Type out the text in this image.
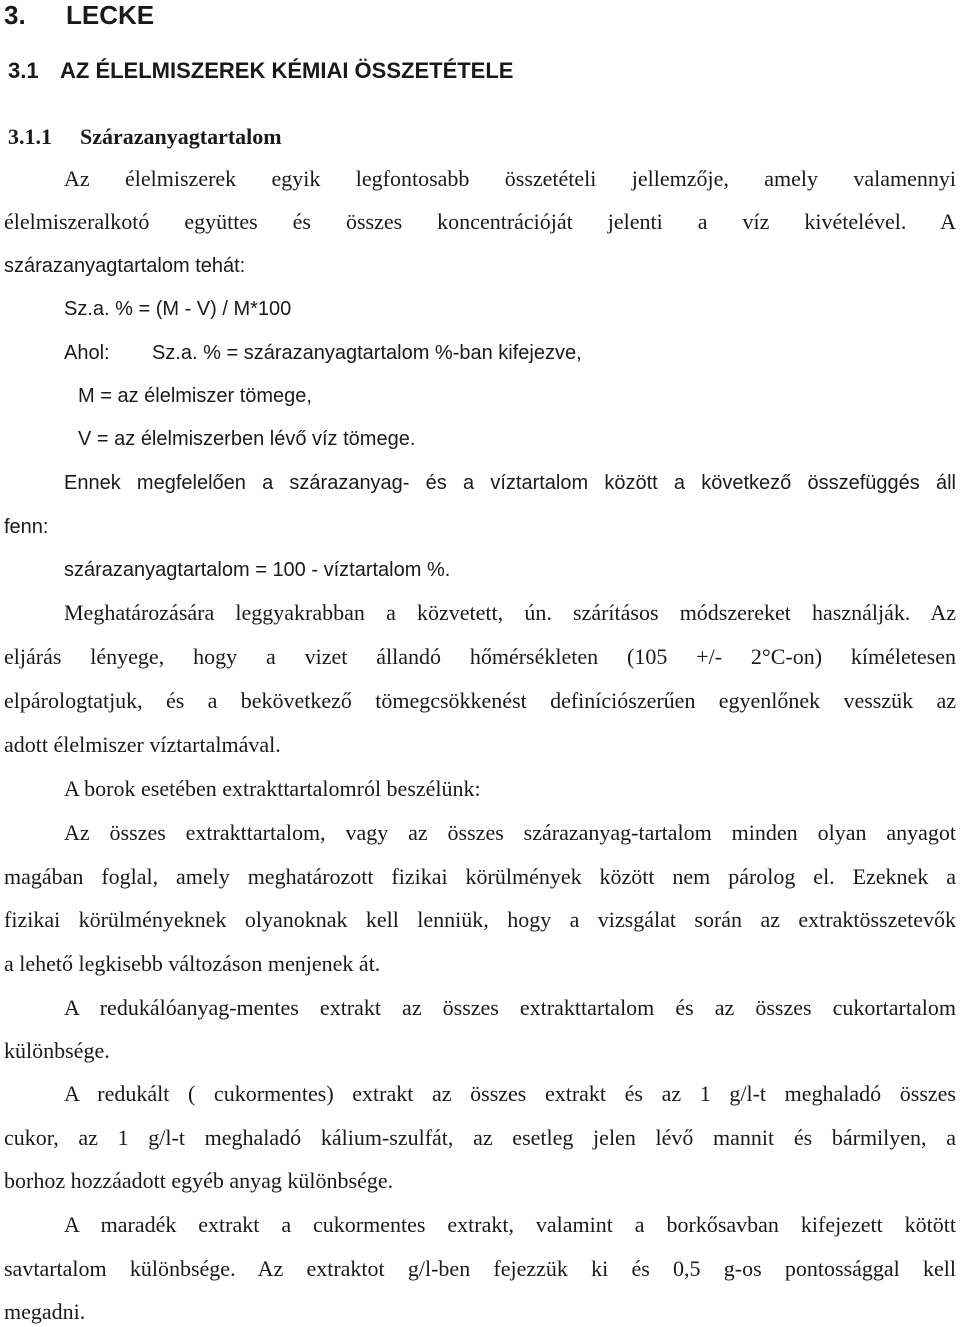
3. LECKE
3.1 AZ ÉLELMISZEREK KÉMIAI ÖSSZETÉTELE
3.1.1 Szárazanyagtartalom
Az élelmiszerek egyik legfontosabb összetételi jellemzője, amely valamennyi
élelmiszeralkotó együttes és összes koncentrációját jelenti a víz kivételével. A
szárazanyagtartalom tehát:
Sz.a. % = (M - V) / M*100
Ahol:	Sz.a. % = szárazanyagtartalom %-ban kifejezve,
M = az élelmiszer tömege,
V = az élelmiszerben lévő víz tömege.
Ennek megfelelően a szárazanyag- és a víztartalom között a következő összefüggés áll
fenn:
szárazanyagtartalom = 100 - víztartalom %.
Meghatározására leggyakrabban a közvetett, ún. szárításos módszereket használják. Az
eljárás lényege, hogy a vizet állandó hőmérsékleten (105 +/- 2°C-on) kíméletesen
elpárologtatjuk, és a bekövetkező tömegcsökkenést definíciószerűen egyenlőnek vesszük az
adott élelmiszer víztartalmával.
A borok esetében extrakttartalomról beszélünk:
Az összes extrakttartalom, vagy az összes szárazanyag-tartalom minden olyan anyagot
magában foglal, amely meghatározott fizikai körülmények között nem párolog el. Ezeknek a
fizikai körülményeknek olyanoknak kell lenniük, hogy a vizsgálat során az extraktösszetevők
a lehető legkisebb változáson menjenek át.
A redukálóanyag-mentes extrakt az összes extrakttartalom és az összes cukortartalom
különbsége.
A redukált ( cukormentes) extrakt az összes extrakt és az 1 g/l-t meghaladó összes
cukor, az 1 g/l-t meghaladó kálium-szulfát, az esetleg jelen lévő mannit és bármilyen, a
borhoz hozzáadott egyéb anyag különbsége.
A maradék extrakt a cukormentes extrakt, valamint a borkősavban kifejezett kötött
savtartalom különbsége. Az extraktot g/l-ben fejezzük ki és 0,5 g-os pontossággal kell
megadni.
